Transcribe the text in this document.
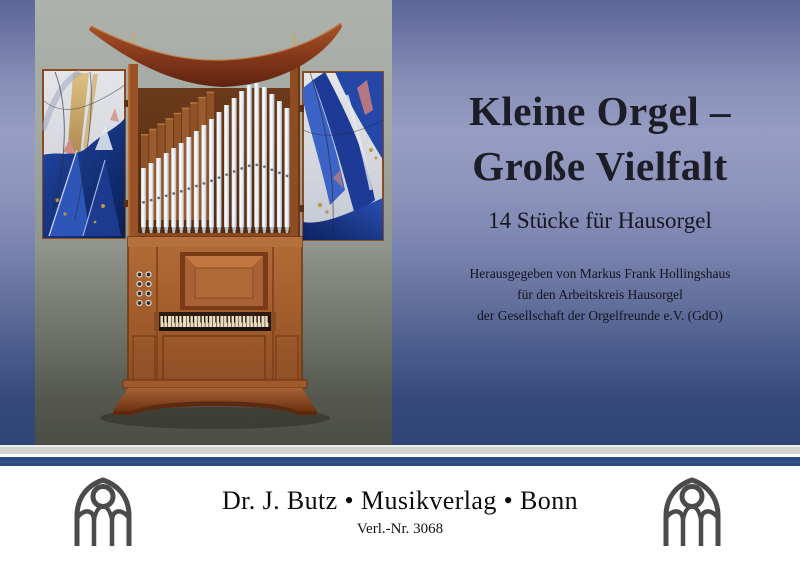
Kleine Orgel –
Große Vielfalt
14 Stücke für Hausorgel
Herausgegeben von Markus Frank Hollingshaus
für den Arbeitskreis Hausorgel
der Gesellschaft der Orgelfreunde e.V. (GdO)
Dr. J. Butz • Musikverlag • Bonn
Verl.-Nr. 3068
